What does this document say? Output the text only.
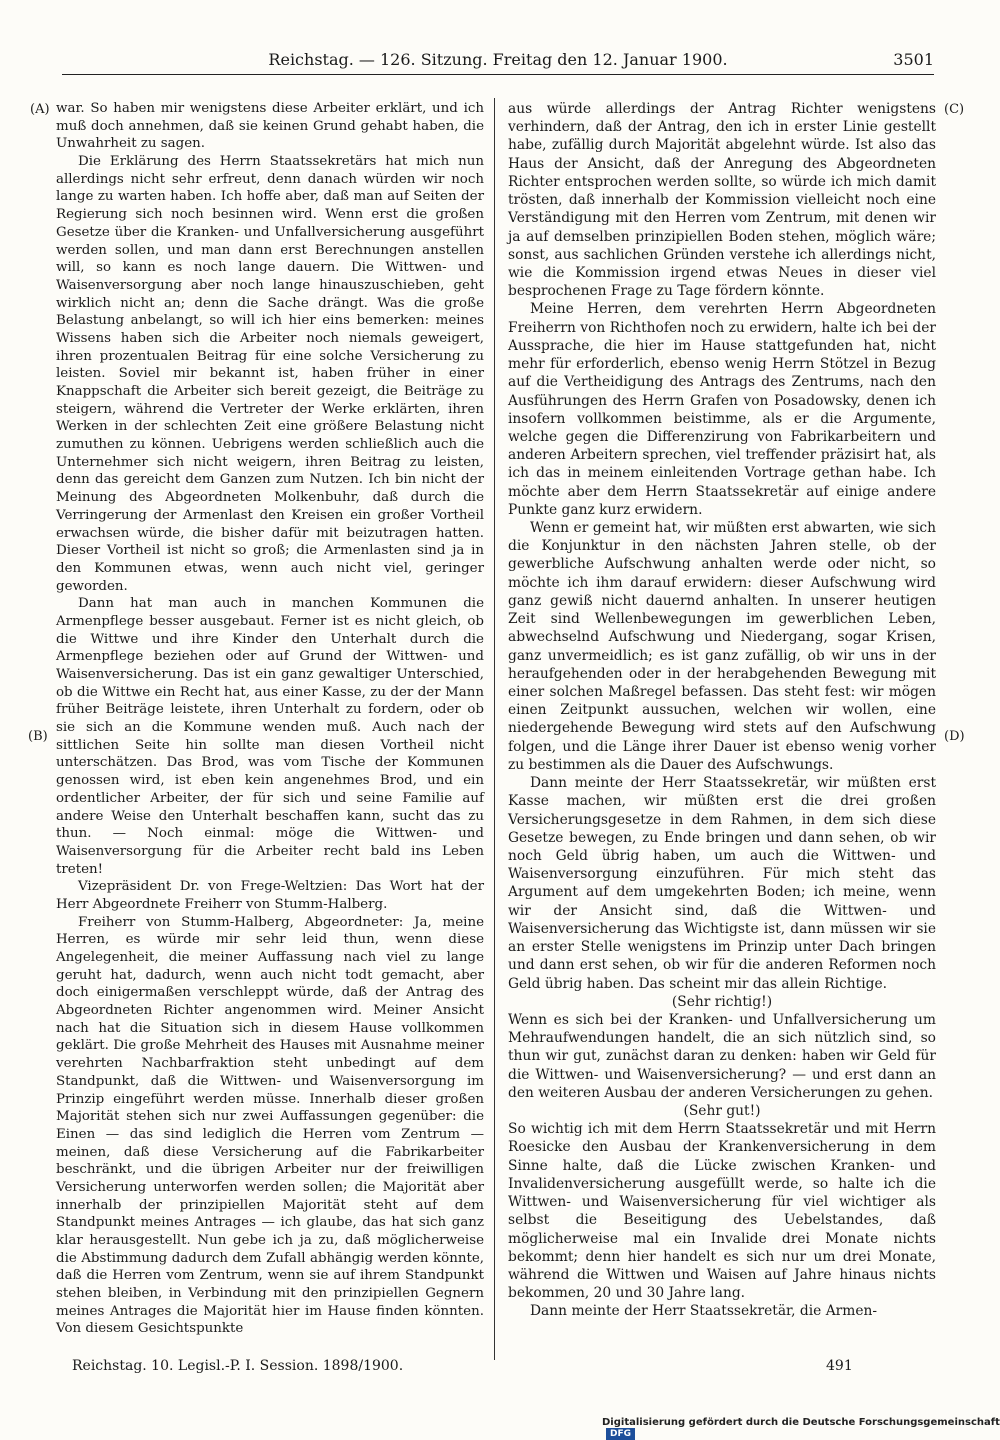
Reichstag. — 126. Sitzung. Freitag den 12. Januar 1900.	3501
(A)
(B)
(C)
(D)

war. So haben mir wenigstens diese Arbeiter erklärt, und ich muß doch annehmen, daß sie keinen Grund gehabt haben, die Unwahrheit zu sagen.

Die Erklärung des Herrn Staatssekretärs hat mich nun allerdings nicht sehr erfreut, denn danach würden wir noch lange zu warten haben. Ich hoffe aber, daß man auf Seiten der Regierung sich noch besinnen wird. Wenn erst die großen Gesetze über die Kranken- und Unfallversicherung ausgeführt werden sollen, und man dann erst Berechnungen anstellen will, so kann es noch lange dauern. Die Wittwen- und Waisenversorgung aber noch lange hinauszuschieben, geht wirklich nicht an; denn die Sache drängt. Was die große Belastung anbelangt, so will ich hier eins bemerken: meines Wissens haben sich die Arbeiter noch niemals geweigert, ihren prozentualen Beitrag für eine solche Versicherung zu leisten. Soviel mir bekannt ist, haben früher in einer Knappschaft die Arbeiter sich bereit gezeigt, die Beiträge zu steigern, während die Vertreter der Werke erklärten, ihren Werken in der schlechten Zeit eine größere Belastung nicht zumuthen zu können. Uebrigens werden schließlich auch die Unternehmer sich nicht weigern, ihren Beitrag zu leisten, denn das gereicht dem Ganzen zum Nutzen. Ich bin nicht der Meinung des Abgeordneten Molkenbuhr, daß durch die Verringerung der Armenlast den Kreisen ein großer Vortheil erwachsen würde, die bisher dafür mit beizutragen hatten. Dieser Vortheil ist nicht so groß; die Armenlasten sind ja in den Kommunen etwas, wenn auch nicht viel, geringer geworden.

Dann hat man auch in manchen Kommunen die Armenpflege besser ausgebaut. Ferner ist es nicht gleich, ob die Wittwe und ihre Kinder den Unterhalt durch die Armenpflege beziehen oder auf Grund der Wittwen- und Waisenversicherung. Das ist ein ganz gewaltiger Unterschied, ob die Wittwe ein Recht hat, aus einer Kasse, zu der der Mann früher Beiträge leistete, ihren Unterhalt zu fordern, oder ob sie sich an die Kommune wenden muß. Auch nach der sittlichen Seite hin sollte man diesen Vortheil nicht unterschätzen. Das Brod, was vom Tische der Kommunen genossen wird, ist eben kein angenehmes Brod, und ein ordentlicher Arbeiter, der für sich und seine Familie auf andere Weise den Unterhalt beschaffen kann, sucht das zu thun. — Noch einmal: möge die Wittwen- und Waisenversorgung für die Arbeiter recht bald ins Leben treten!

Vizepräsident Dr. von Frege-Weltzien: Das Wort hat der Herr Abgeordnete Freiherr von Stumm-Halberg.

Freiherr von Stumm-Halberg, Abgeordneter: Ja, meine Herren, es würde mir sehr leid thun, wenn diese Angelegenheit, die meiner Auffassung nach viel zu lange geruht hat, dadurch, wenn auch nicht todt gemacht, aber doch einigermaßen verschleppt würde, daß der Antrag des Abgeordneten Richter angenommen wird. Meiner Ansicht nach hat die Situation sich in diesem Hause vollkommen geklärt. Die große Mehrheit des Hauses mit Ausnahme meiner verehrten Nachbarfraktion steht unbedingt auf dem Standpunkt, daß die Wittwen- und Waisenversorgung im Prinzip eingeführt werden müsse. Innerhalb dieser großen Majorität stehen sich nur zwei Auffassungen gegenüber: die Einen — das sind lediglich die Herren vom Zentrum — meinen, daß diese Versicherung auf die Fabrikarbeiter beschränkt, und die übrigen Arbeiter nur der freiwilligen Versicherung unterworfen werden sollen; die Majorität aber innerhalb der prinzipiellen Majorität steht auf dem Standpunkt meines Antrages — ich glaube, das hat sich ganz klar herausgestellt. Nun gebe ich ja zu, daß möglicherweise die Abstimmung dadurch dem Zufall abhängig werden könnte, daß die Herren vom Zentrum, wenn sie auf ihrem Standpunkt stehen bleiben, in Verbindung mit den prinzipiellen Gegnern meines Antrages die Majorität hier im Hause finden könnten. Von diesem Gesichtspunkte

aus würde allerdings der Antrag Richter wenigstens verhindern, daß der Antrag, den ich in erster Linie gestellt habe, zufällig durch Majorität abgelehnt würde. Ist also das Haus der Ansicht, daß der Anregung des Abgeordneten Richter entsprochen werden sollte, so würde ich mich damit trösten, daß innerhalb der Kommission vielleicht noch eine Verständigung mit den Herren vom Zentrum, mit denen wir ja auf demselben prinzipiellen Boden stehen, möglich wäre; sonst, aus sachlichen Gründen verstehe ich allerdings nicht, wie die Kommission irgend etwas Neues in dieser viel besprochenen Frage zu Tage fördern könnte.

Meine Herren, dem verehrten Herrn Abgeordneten Freiherrn von Richthofen noch zu erwidern, halte ich bei der Aussprache, die hier im Hause stattgefunden hat, nicht mehr für erforderlich, ebenso wenig Herrn Stötzel in Bezug auf die Vertheidigung des Antrags des Zentrums, nach den Ausführungen des Herrn Grafen von Posadowsky, denen ich insofern vollkommen beistimme, als er die Argumente, welche gegen die Differenzirung von Fabrikarbeitern und anderen Arbeitern sprechen, viel treffender präzisirt hat, als ich das in meinem einleitenden Vortrage gethan habe. Ich möchte aber dem Herrn Staatssekretär auf einige andere Punkte ganz kurz erwidern.

Wenn er gemeint hat, wir müßten erst abwarten, wie sich die Konjunktur in den nächsten Jahren stelle, ob der gewerbliche Aufschwung anhalten werde oder nicht, so möchte ich ihm darauf erwidern: dieser Aufschwung wird ganz gewiß nicht dauernd anhalten. In unserer heutigen Zeit sind Wellenbewegungen im gewerblichen Leben, abwechselnd Aufschwung und Niedergang, sogar Krisen, ganz unvermeidlich; es ist ganz zufällig, ob wir uns in der heraufgehenden oder in der herabgehenden Bewegung mit einer solchen Maßregel befassen. Das steht fest: wir mögen einen Zeitpunkt aussuchen, welchen wir wollen, eine niedergehende Bewegung wird stets auf den Aufschwung folgen, und die Länge ihrer Dauer ist ebenso wenig vorher zu bestimmen als die Dauer des Aufschwungs.

Dann meinte der Herr Staatssekretär, wir müßten erst Kasse machen, wir müßten erst die drei großen Versicherungsgesetze in dem Rahmen, in dem sich diese Gesetze bewegen, zu Ende bringen und dann sehen, ob wir noch Geld übrig haben, um auch die Wittwen- und Waisenversorgung einzuführen. Für mich steht das Argument auf dem umgekehrten Boden; ich meine, wenn wir der Ansicht sind, daß die Wittwen- und Waisenversicherung das Wichtigste ist, dann müssen wir sie an erster Stelle wenigstens im Prinzip unter Dach bringen und dann erst sehen, ob wir für die anderen Reformen noch Geld übrig haben. Das scheint mir das allein Richtige.

(Sehr richtig!)

Wenn es sich bei der Kranken- und Unfallversicherung um Mehraufwendungen handelt, die an sich nützlich sind, so thun wir gut, zunächst daran zu denken: haben wir Geld für die Wittwen- und Waisenversicherung? — und erst dann an den weiteren Ausbau der anderen Versicherungen zu gehen.

(Sehr gut!)

So wichtig ich mit dem Herrn Staatssekretär und mit Herrn Roesicke den Ausbau der Krankenversicherung in dem Sinne halte, daß die Lücke zwischen Kranken- und Invalidenversicherung ausgefüllt werde, so halte ich die Wittwen- und Waisenversicherung für viel wichtiger als selbst die Beseitigung des Uebelstandes, daß möglicherweise mal ein Invalide drei Monate nichts bekommt; denn hier handelt es sich nur um drei Monate, während die Wittwen und Waisen auf Jahre hinaus nichts bekommen, 20 und 30 Jahre lang.

Dann meinte der Herr Staatssekretär, die Armen-

Reichstag. 10. Legisl.-P. I. Session. 1898/1900.	491
Digitalisierung gefördert durch die Deutsche ForschungsgemeinschaftDFG
